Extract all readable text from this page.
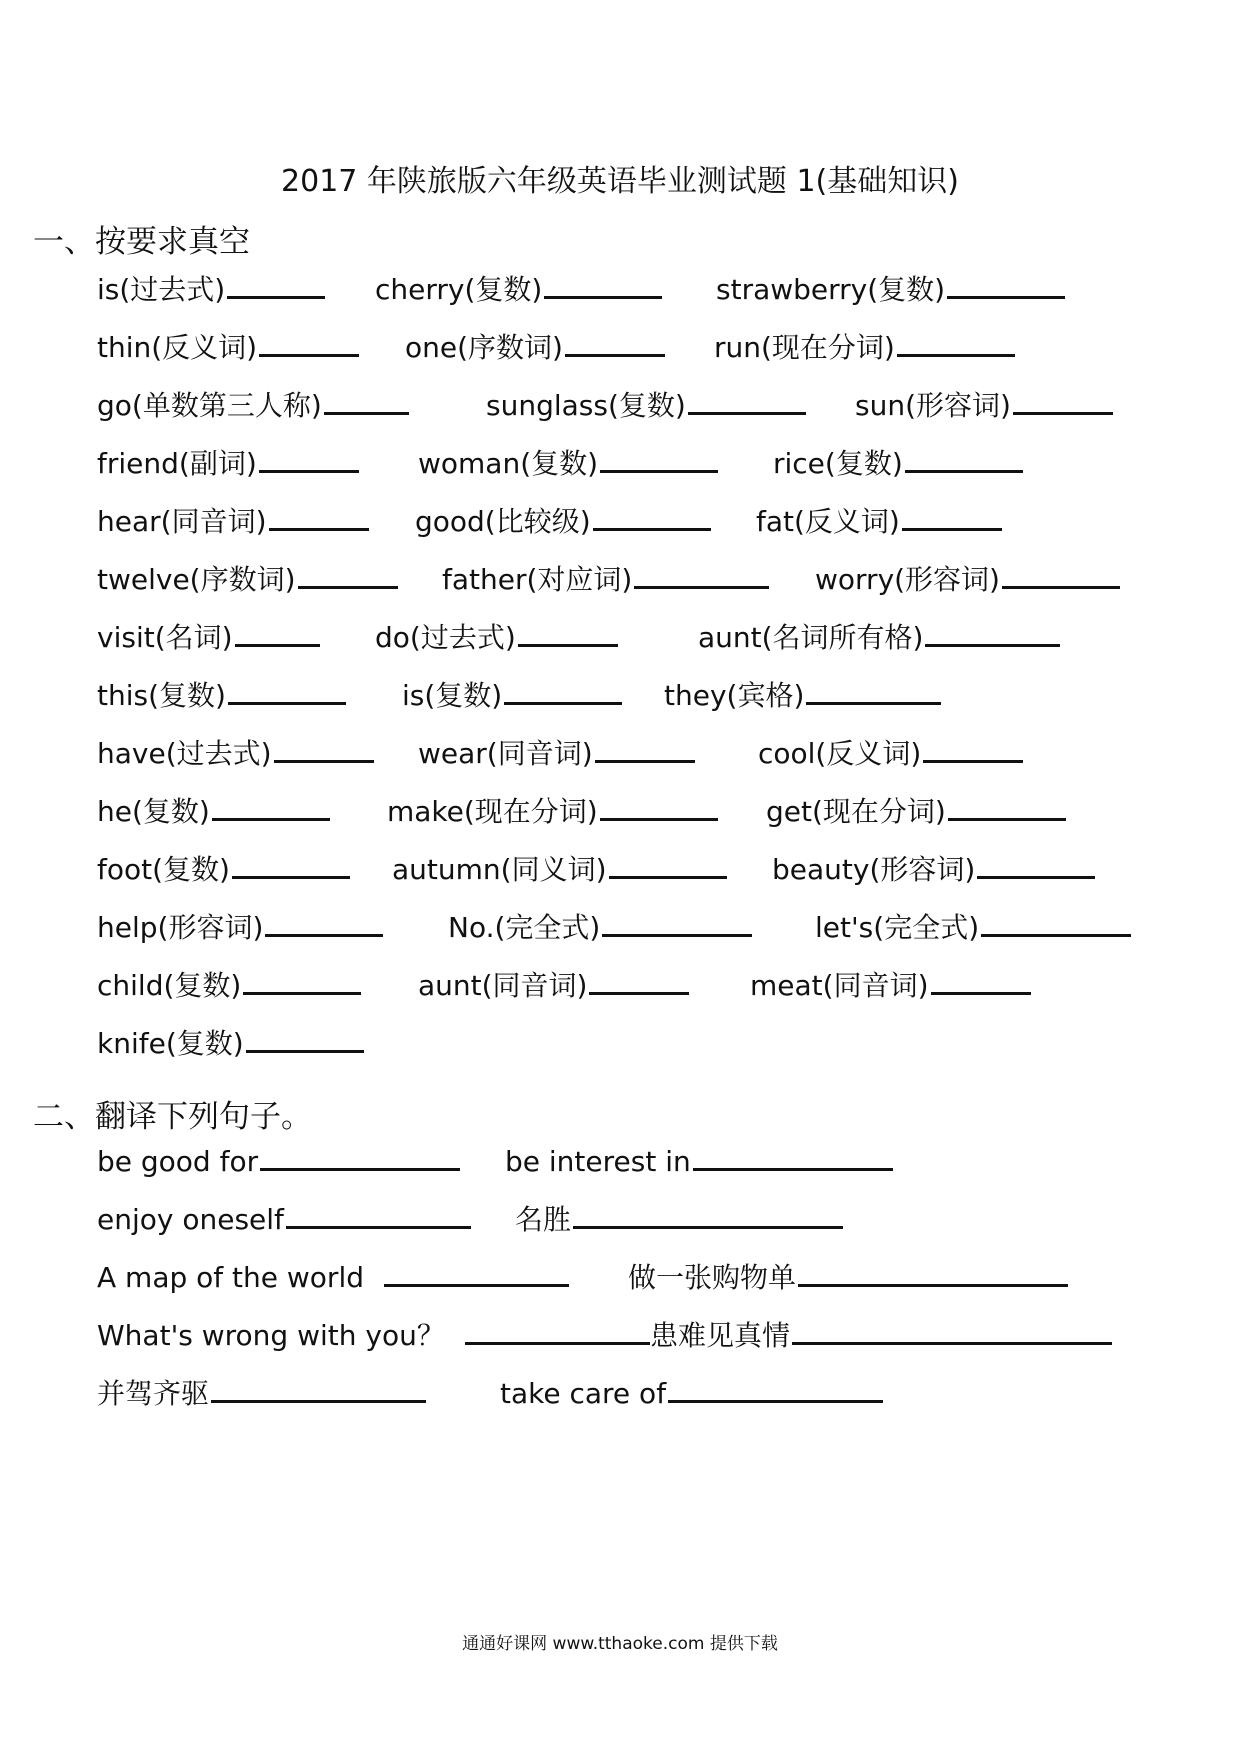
2017 年陕旅版六年级英语毕业测试题 1(基础知识)
一、按要求真空
is(过去式)	cherry(复数)	strawberry(复数)
thin(反义词)	one(序数词)	run(现在分词)
go(单数第三人称)	sunglass(复数)	sun(形容词)
friend(副词)	woman(复数)	rice(复数)
hear(同音词)	good(比较级)	fat(反义词)
twelve(序数词)	father(对应词)	worry(形容词)
visit(名词)	do(过去式)	aunt(名词所有格)
this(复数)	is(复数)	they(宾格)
have(过去式)	wear(同音词)	cool(反义词)
he(复数)	make(现在分词)	get(现在分词)
foot(复数)	autumn(同义词)	beauty(形容词)
help(形容词)	No.(完全式)	let's(完全式)
child(复数)	aunt(同音词)	meat(同音词)
knife(复数)
二、翻译下列句子。
be good for	be interest in
enjoy oneself	名胜
A map of the world	做一张购物单
What's wrong with you？	患难见真情
并驾齐驱	take care of
通通好课网 www.tthaoke.com 提供下载
